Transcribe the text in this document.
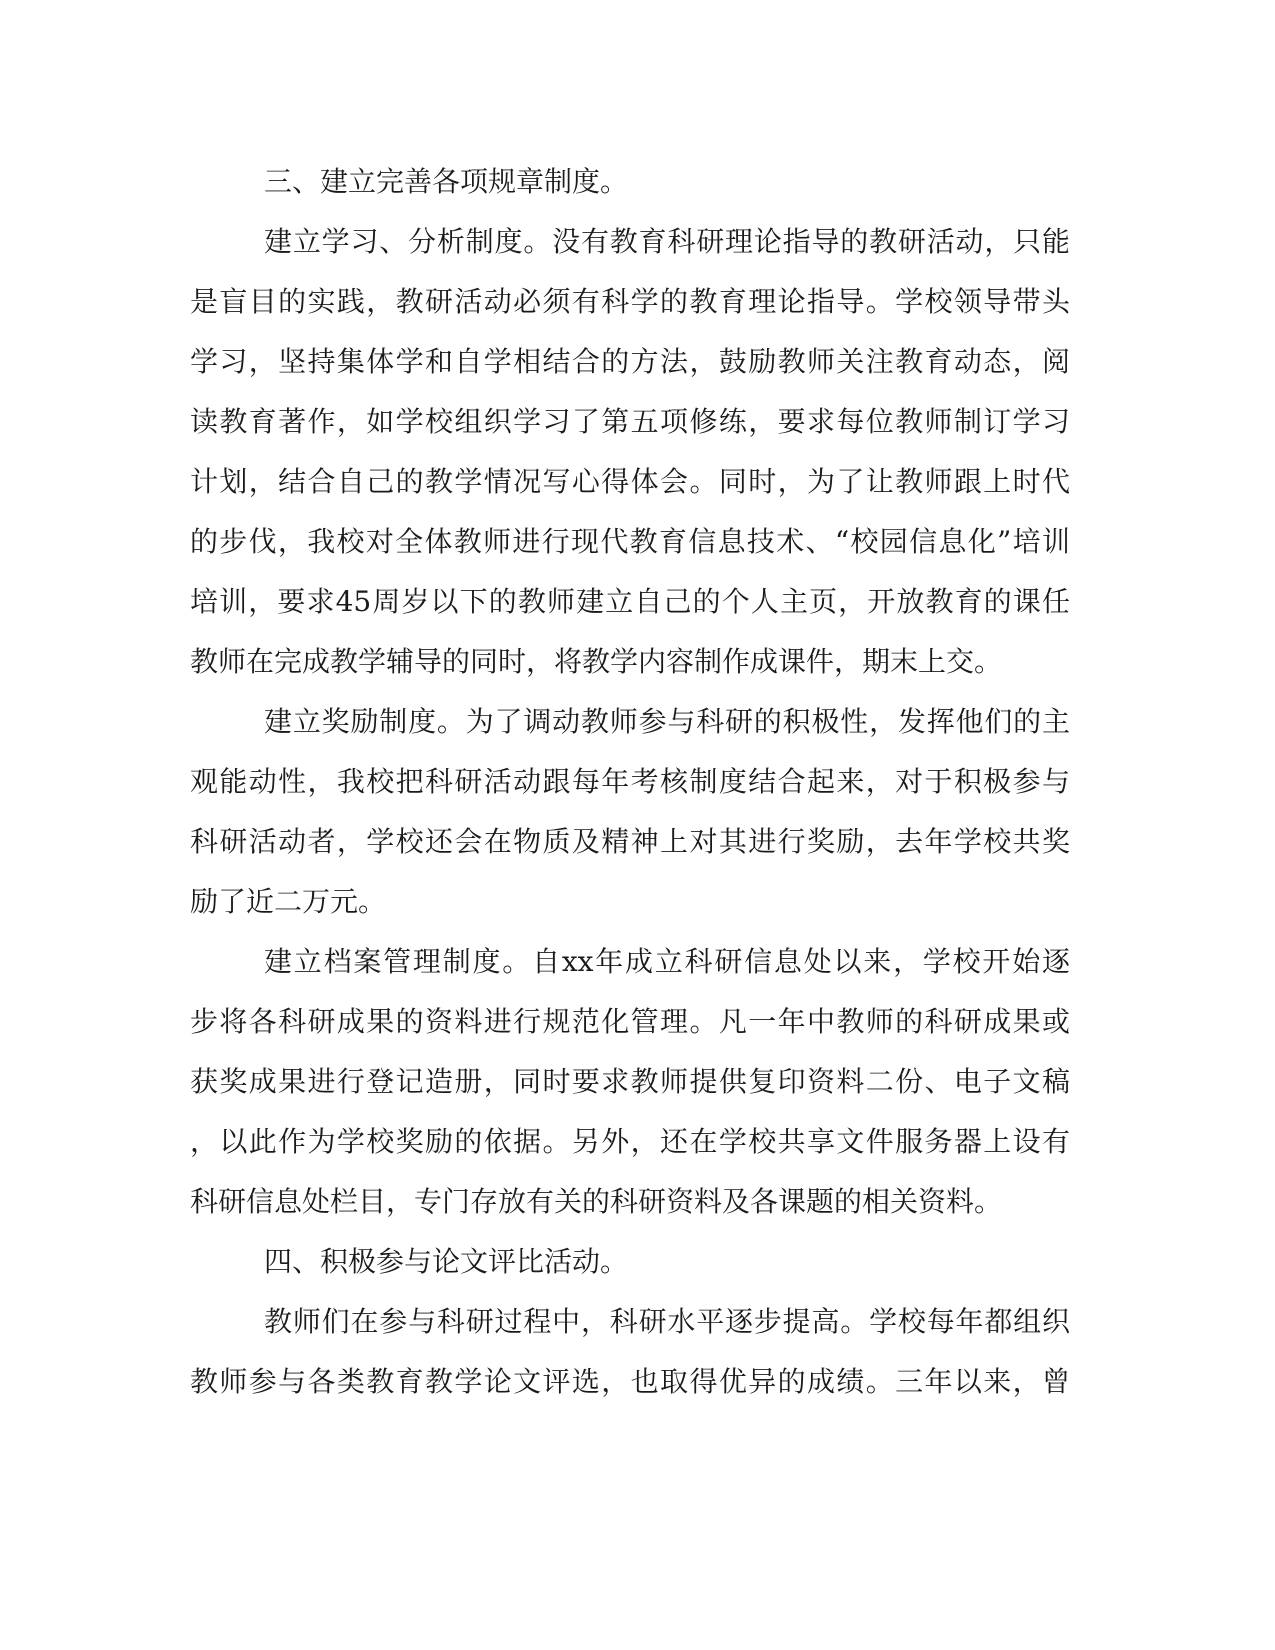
三、建立完善各项规章制度。
建立学习、分析制度。没有教育科研理论指导的教研活动，只能
是盲目的实践，教研活动必须有科学的教育理论指导。学校领导带头
学习，坚持集体学和自学相结合的方法，鼓励教师关注教育动态，阅
读教育著作，如学校组织学习了第五项修练，要求每位教师制订学习
计划，结合自己的教学情况写心得体会。同时，为了让教师跟上时代
的步伐，我校对全体教师进行现代教育信息技术、“校园信息化”培训
培训，要求45周岁以下的教师建立自己的个人主页，开放教育的课任
教师在完成教学辅导的同时，将教学内容制作成课件，期末上交。
建立奖励制度。为了调动教师参与科研的积极性，发挥他们的主
观能动性，我校把科研活动跟每年考核制度结合起来，对于积极参与
科研活动者，学校还会在物质及精神上对其进行奖励，去年学校共奖
励了近二万元。
建立档案管理制度。自xx年成立科研信息处以来，学校开始逐
步将各科研成果的资料进行规范化管理。凡一年中教师的科研成果或
获奖成果进行登记造册，同时要求教师提供复印资料二份、电子文稿
，以此作为学校奖励的依据。另外，还在学校共享文件服务器上设有
科研信息处栏目，专门存放有关的科研资料及各课题的相关资料。
四、积极参与论文评比活动。
教师们在参与科研过程中，科研水平逐步提高。学校每年都组织
教师参与各类教育教学论文评选，也取得优异的成绩。三年以来，曾
